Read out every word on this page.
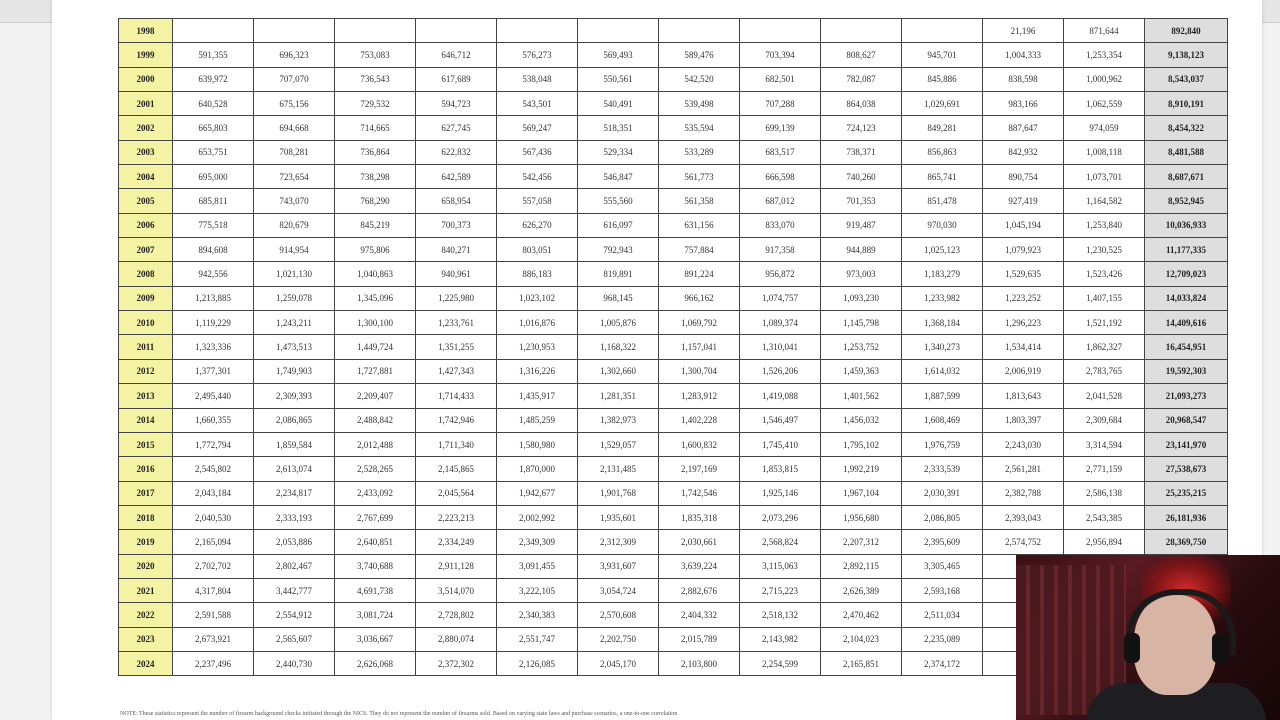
1998											21,196	871,644	892,840
1999	591,355	696,323	753,083	646,712	576,273	569,493	589,476	703,394	808,627	945,701	1,004,333	1,253,354	9,138,123
2000	639,972	707,070	736,543	617,689	538,048	550,561	542,520	682,501	782,087	845,886	838,598	1,000,962	8,543,037
2001	640,528	675,156	729,532	594,723	543,501	540,491	539,498	707,288	864,038	1,029,691	983,166	1,062,559	8,910,191
2002	665,803	694,668	714,665	627,745	569,247	518,351	535,594	699,139	724,123	849,281	887,647	974,059	8,454,322
2003	653,751	708,281	736,864	622,832	567,436	529,334	533,289	683,517	738,371	856,863	842,932	1,008,118	8,481,588
2004	695,000	723,654	738,298	642,589	542,456	546,847	561,773	666,598	740,260	865,741	890,754	1,073,701	8,687,671
2005	685,811	743,070	768,290	658,954	557,058	555,560	561,358	687,012	701,353	851,478	927,419	1,164,582	8,952,945
2006	775,518	820,679	845,219	700,373	626,270	616,097	631,156	833,070	919,487	970,030	1,045,194	1,253,840	10,036,933
2007	894,608	914,954	975,806	840,271	803,051	792,943	757,884	917,358	944,889	1,025,123	1,079,923	1,230,525	11,177,335
2008	942,556	1,021,130	1,040,863	940,961	886,183	819,891	891,224	956,872	973,003	1,183,279	1,529,635	1,523,426	12,709,023
2009	1,213,885	1,259,078	1,345,096	1,225,980	1,023,102	968,145	966,162	1,074,757	1,093,230	1,233,982	1,223,252	1,407,155	14,033,824
2010	1,119,229	1,243,211	1,300,100	1,233,761	1,016,876	1,005,876	1,069,792	1,089,374	1,145,798	1,368,184	1,296,223	1,521,192	14,409,616
2011	1,323,336	1,473,513	1,449,724	1,351,255	1,230,953	1,168,322	1,157,041	1,310,041	1,253,752	1,340,273	1,534,414	1,862,327	16,454,951
2012	1,377,301	1,749,903	1,727,881	1,427,343	1,316,226	1,302,660	1,300,704	1,526,206	1,459,363	1,614,032	2,006,919	2,783,765	19,592,303
2013	2,495,440	2,309,393	2,209,407	1,714,433	1,435,917	1,281,351	1,283,912	1,419,088	1,401,562	1,887,599	1,813,643	2,041,528	21,093,273
2014	1,660,355	2,086,865	2,488,842	1,742,946	1,485,259	1,382,973	1,402,228	1,546,497	1,456,032	1,608,469	1,803,397	2,309,684	20,968,547
2015	1,772,794	1,859,584	2,012,488	1,711,340	1,580,980	1,529,057	1,600,832	1,745,410	1,795,102	1,976,759	2,243,030	3,314,594	23,141,970
2016	2,545,802	2,613,074	2,528,265	2,145,865	1,870,000	2,131,485	2,197,169	1,853,815	1,992,219	2,333,539	2,561,281	2,771,159	27,538,673
2017	2,043,184	2,234,817	2,433,092	2,045,564	1,942,677	1,901,768	1,742,546	1,925,146	1,967,104	2,030,391	2,382,788	2,586,138	25,235,215
2018	2,040,530	2,333,193	2,767,699	2,223,213	2,002,992	1,935,601	1,835,318	2,073,296	1,956,680	2,086,805	2,393,043	2,543,385	26,181,936
2019	2,165,094	2,053,886	2,640,851	2,334,249	2,349,309	2,312,309	2,030,661	2,568,824	2,207,312	2,395,609	2,574,752	2,956,894	28,369,750
2020	2,702,702	2,802,467	3,740,688	2,911,128	3,091,455	3,931,607	3,639,224	3,115,063	2,892,115	3,305,465			
2021	4,317,804	3,442,777	4,691,738	3,514,070	3,222,105	3,054,724	2,882,676	2,715,223	2,626,389	2,593,168			
2022	2,591,588	2,554,912	3,081,724	2,728,802	2,340,383	2,570,608	2,404,332	2,518,132	2,470,462	2,511,034			
2023	2,673,921	2,565,607	3,036,667	2,880,074	2,551,747	2,202,750	2,015,789	2,143,982	2,104,023	2,235,089			
2024	2,237,496	2,440,730	2,626,068	2,372,302	2,126,085	2,045,170	2,103,800	2,254,599	2,165,851	2,374,172			
NOTE: These statistics represent the number of firearm background checks initiated through the NICS. They do not represent the number of firearms sold. Based on varying state laws and purchase scenarios, a one-to-one correlation
